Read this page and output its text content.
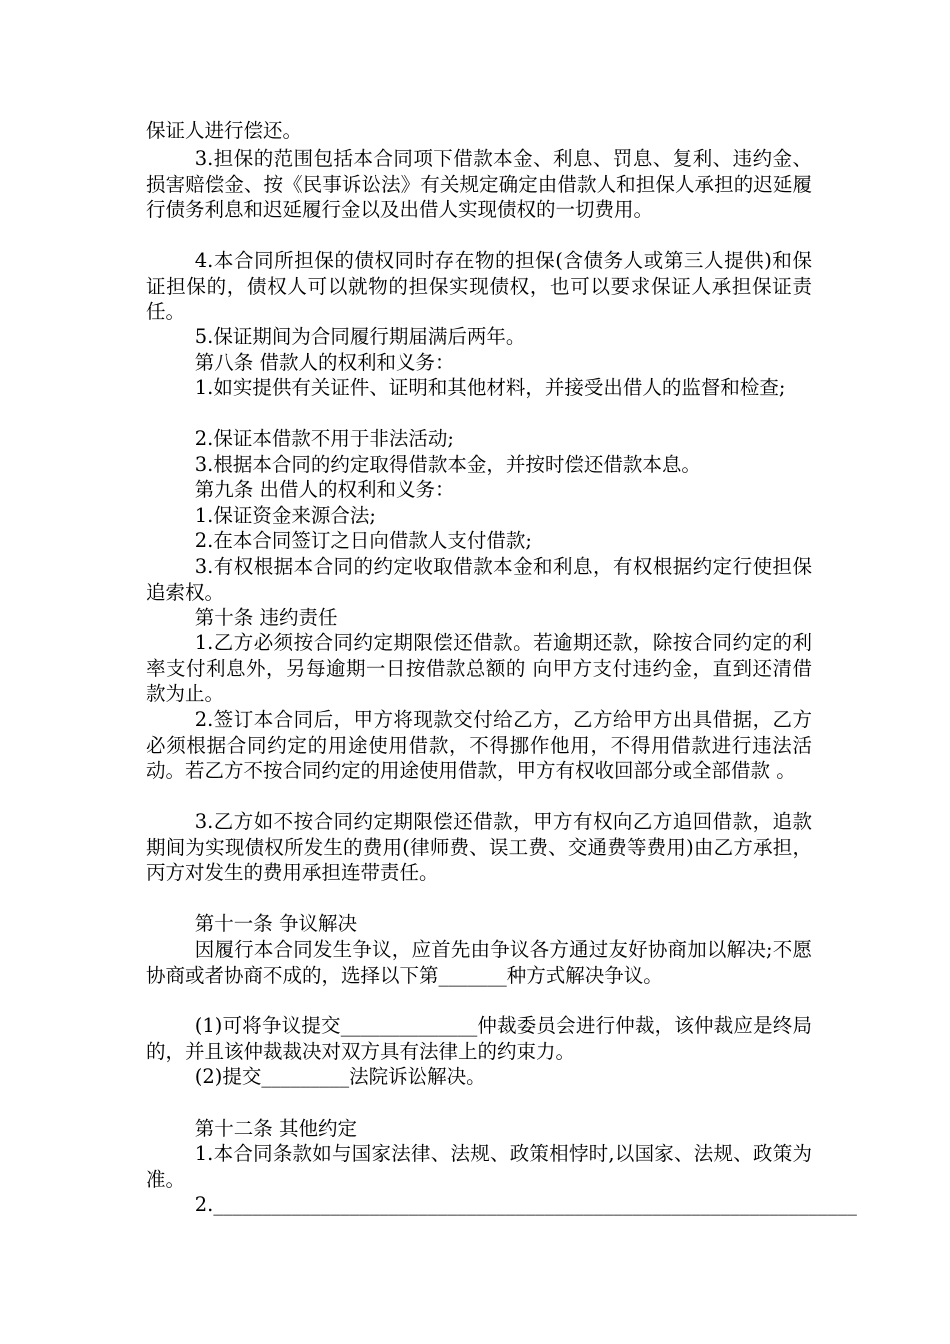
保证人进行偿还。

3.担保的范围包括本合同项下借款本金、利息、罚息、复利、违约金、损害赔偿金、按《民事诉讼法》有关规定确定由借款人和担保人承担的迟延履行债务利息和迟延履行金以及出借人实现债权的一切费用。

4.本合同所担保的债权同时存在物的担保(含债务人或第三人提供)和保证担保的，债权人可以就物的担保实现债权，也可以要求保证人承担保证责任。

5.保证期间为合同履行期届满后两年。

第八条 借款人的权利和义务：

1.如实提供有关证件、证明和其他材料，并接受出借人的监督和检查;

2.保证本借款不用于非法活动;

3.根据本合同的约定取得借款本金，并按时偿还借款本息。

第九条 出借人的权利和义务：

1.保证资金来源合法;

2.在本合同签订之日向借款人支付借款;

3.有权根据本合同的约定收取借款本金和利息，有权根据约定行使担保追索权。

第十条 违约责任

1.乙方必须按合同约定期限偿还借款。若逾期还款，除按合同约定的利率支付利息外，另每逾期一日按借款总额的 向甲方支付违约金，直到还清借款为止。

2.签订本合同后，甲方将现款交付给乙方，乙方给甲方出具借据，乙方必须根据合同约定的用途使用借款，不得挪作他用，不得用借款进行违法活动。若乙方不按合同约定的用途使用借款，甲方有权收回部分或全部借款 。

3.乙方如不按合同约定期限偿还借款，甲方有权向乙方追回借款，追款期间为实现债权所发生的费用(律师费、误工费、交通费等费用)由乙方承担，丙方对发生的费用承担连带责任。

第十一条 争议解决

因履行本合同发生争议，应首先由争议各方通过友好协商加以解决;不愿协商或者协商不成的，选择以下第_______种方式解决争议。

(1)可将争议提交______________仲裁委员会进行仲裁，该仲裁应是终局的，并且该仲裁裁决对双方具有法律上的约束力。

(2)提交_________法院诉讼解决。

第十二条 其他约定

1.本合同条款如与国家法律、法规、政策相悖时,以国家、法规、政策为准。

2.__________________________________________________________________
